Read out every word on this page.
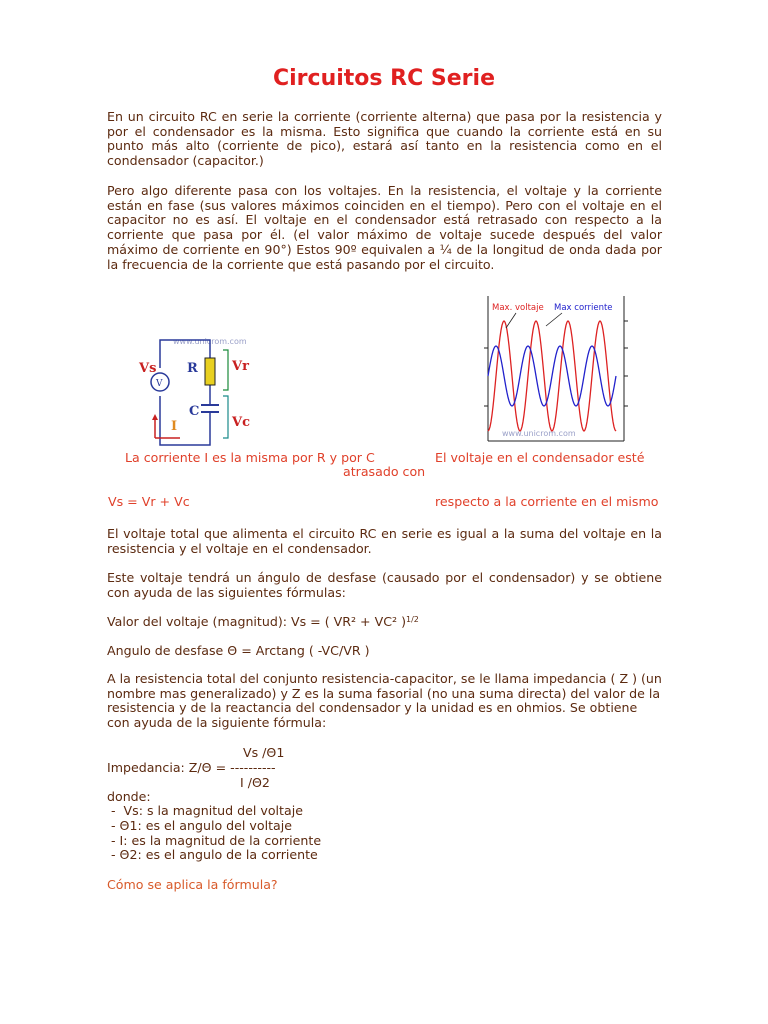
Circuitos RC Serie
En un circuito RC en serie la corriente (corriente alterna) que pasa por la resistencia y por el condensador es la misma. Esto significa que cuando la corriente está en su punto más alto (corriente de pico), estará así tanto en la resistencia como en el condensador (capacitor.)
Pero algo diferente pasa con los voltajes. En la resistencia, el voltaje y la corriente están en fase (sus valores máximos coinciden en el tiempo). Pero con el voltaje en el capacitor no es así. El voltaje en el condensador está retrasado con respecto a la corriente que pasa por él. (el valor máximo de voltaje sucede después del valor máximo de corriente en 90°) Estos 90º equivalen a ¼ de la longitud de onda dada por la frecuencia de la corriente que está pasando por el circuito.
www.unicrom.com
V
Vs R
C
Vr
Vc
I
Max. voltaje Max corriente
www.unicrom.com
La corriente I es la misma por R y por C	El voltaje en el condensador esté
atrasado con
Vs = Vr + Vc	respecto a la corriente en el mismo
El voltaje total que alimenta el circuito RC en serie es igual a la suma del voltaje en la resistencia y el voltaje en el condensador.
Este voltaje tendrá un ángulo de desfase (causado por el condensador) y se obtiene con ayuda de las siguientes fórmulas:
Valor del voltaje (magnitud): Vs = ( VR² + VC² )$^{1/2}$
Angulo de desfase Θ = Arctang ( -VC/VR )
A la resistencia total del conjunto resistencia-capacitor, se le llama impedancia ( Z ) (un nombre mas generalizado) y Z es la suma fasorial (no una suma directa) del valor de la resistencia y de la reactancia del condensador y la unidad es en ohmios. Se obtiene con ayuda de la siguiente fórmula:
Vs /Θ1
Impedancia: Z/Θ = ----------
I /Θ2
donde:
-  Vs: s la magnitud del voltaje
- Θ1: es el angulo del voltaje
- I: es la magnitud de la corriente
- Θ2: es el angulo de la corriente
Cómo se aplica la fórmula?
